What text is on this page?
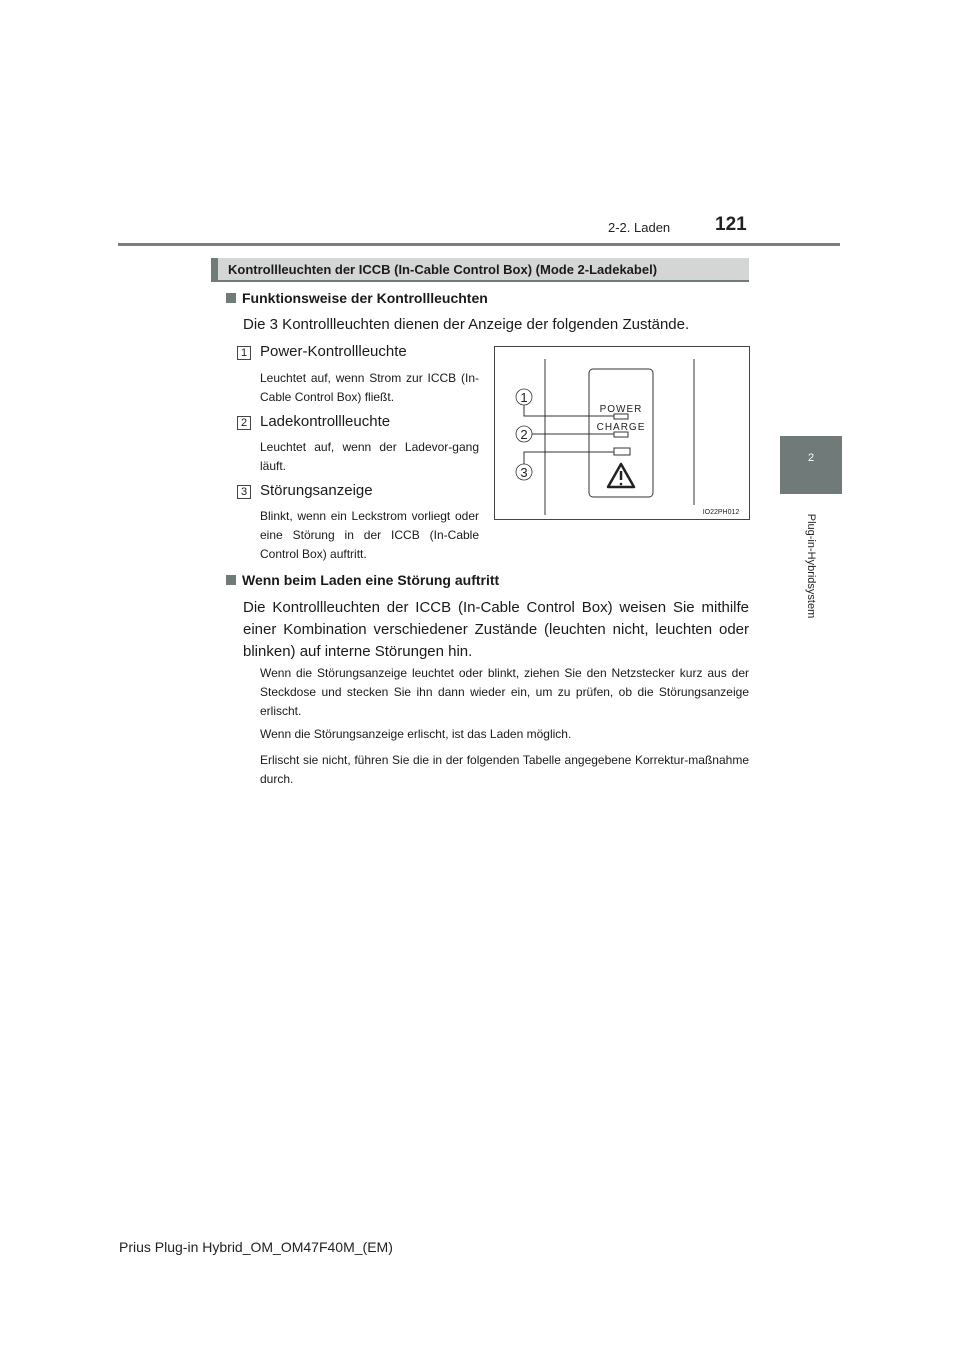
2-2. Laden 121
2
Plug-in-Hybridsystem
Kontrollleuchten der ICCB (In-Cable Control Box) (Mode 2-Ladekabel)
Funktionsweise der Kontrollleuchten
Die 3 Kontrollleuchten dienen der Anzeige der folgenden Zustände.
1 Power-Kontrollleuchte
Leuchtet auf, wenn Strom zur ICCB (In-Cable Control Box) fließt.
2 Ladekontrollleuchte
Leuchtet auf, wenn der Ladevor-gang läuft.
3 Störungsanzeige
Blinkt, wenn ein Leckstrom vorliegt oder eine Störung in der ICCB (In-Cable Control Box) auftritt.
POWER
CHARGE
1
2
3
IO22PH012
Wenn beim Laden eine Störung auftritt
Die Kontrollleuchten der ICCB (In-Cable Control Box) weisen Sie mithilfe einer Kombination verschiedener Zustände (leuchten nicht, leuchten oder blinken) auf interne Störungen hin.
Wenn die Störungsanzeige leuchtet oder blinkt, ziehen Sie den Netzstecker kurz aus der Steckdose und stecken Sie ihn dann wieder ein, um zu prüfen, ob die Störungsanzeige erlischt.
Wenn die Störungsanzeige erlischt, ist das Laden möglich.
Erlischt sie nicht, führen Sie die in der folgenden Tabelle angegebene Korrektur-maßnahme durch.
Prius Plug-in Hybrid_OM_OM47F40M_(EM)
